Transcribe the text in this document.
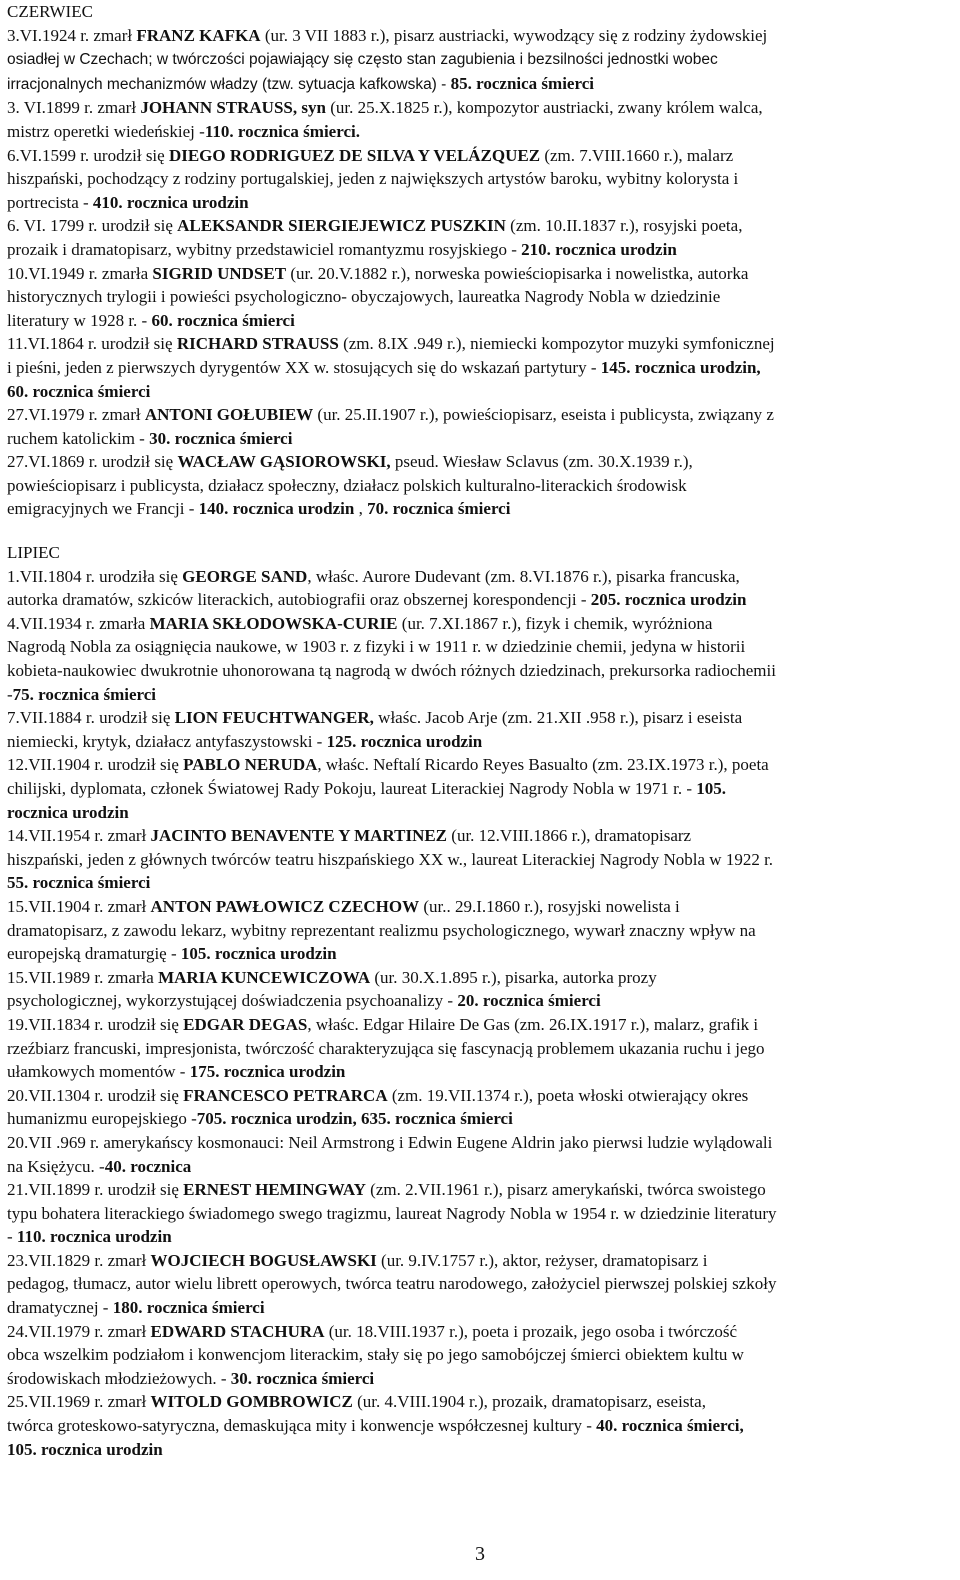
CZERWIEC
3.VI.1924 r. zmarł FRANZ KAFKA (ur. 3 VII 1883 r.), pisarz austriacki, wywodzący się z rodziny żydowskiej
osiadłej w Czechach; w twórczości pojawiający się często stan zagubienia i bezsilności jednostki wobec
irracjonalnych mechanizmów władzy (tzw. sytuacja kafkowska) - 85. rocznica śmierci
3. VI.1899 r. zmarł JOHANN STRAUSS, syn (ur. 25.X.1825 r.), kompozytor austriacki, zwany królem walca,
mistrz operetki wiedeńskiej -110. rocznica śmierci.
6.VI.1599 r. urodził się DIEGO RODRIGUEZ DE SILVA Y VELÁZQUEZ (zm. 7.VIII.1660 r.), malarz
hiszpański, pochodzący z rodziny portugalskiej, jeden z największych artystów baroku, wybitny kolorysta i
portrecista - 410. rocznica urodzin
6. VI. 1799 r. urodził się ALEKSANDR SIERGIEJEWICZ PUSZKIN (zm. 10.II.1837 r.), rosyjski poeta,
prozaik i dramatopisarz, wybitny przedstawiciel romantyzmu rosyjskiego - 210. rocznica urodzin
10.VI.1949 r. zmarła SIGRID UNDSET (ur. 20.V.1882 r.), norweska powieściopisarka i nowelistka, autorka
historycznych trylogii i powieści psychologiczno- obyczajowych, laureatka Nagrody Nobla w dziedzinie
literatury w 1928 r. - 60. rocznica śmierci
11.VI.1864 r. urodził się RICHARD STRAUSS (zm. 8.IX .949 r.), niemiecki kompozytor muzyki symfonicznej
i pieśni, jeden z pierwszych dyrygentów XX w. stosujących się do wskazań partytury - 145. rocznica urodzin,
60. rocznica śmierci
27.VI.1979 r. zmarł ANTONI GOŁUBIEW (ur. 25.II.1907 r.), powieściopisarz, eseista i publicysta, związany z
ruchem katolickim - 30. rocznica śmierci
27.VI.1869 r. urodził się WACŁAW GĄSIOROWSKI, pseud. Wiesław Sclavus (zm. 30.X.1939 r.),
powieściopisarz i publicysta, działacz społeczny, działacz polskich kulturalno-literackich środowisk
emigracyjnych we Francji - 140. rocznica urodzin , 70. rocznica śmierci
LIPIEC
1.VII.1804 r. urodziła się GEORGE SAND, właśc. Aurore Dudevant (zm. 8.VI.1876 r.), pisarka francuska,
autorka dramatów, szkiców literackich, autobiografii oraz obszernej korespondencji - 205. rocznica urodzin
4.VII.1934 r. zmarła MARIA SKŁODOWSKA-CURIE (ur. 7.XI.1867 r.), fizyk i chemik, wyróżniona
Nagrodą Nobla za osiągnięcia naukowe, w 1903 r. z fizyki i w 1911 r. w dziedzinie chemii, jedyna w historii
kobieta-naukowiec dwukrotnie uhonorowana tą nagrodą w dwóch różnych dziedzinach, prekursorka radiochemii
-75. rocznica śmierci
7.VII.1884 r. urodził się LION FEUCHTWANGER, właśc. Jacob Arje (zm. 21.XII .958 r.), pisarz i eseista
niemiecki, krytyk, działacz antyfaszystowski - 125. rocznica urodzin
12.VII.1904 r. urodził się PABLO NERUDA, właśc. Neftalí Ricardo Reyes Basualto (zm. 23.IX.1973 r.), poeta
chilijski, dyplomata, członek Światowej Rady Pokoju, laureat Literackiej Nagrody Nobla w 1971 r. - 105.
rocznica urodzin
14.VII.1954 r. zmarł JACINTO BENAVENTE Y MARTINEZ (ur. 12.VIII.1866 r.), dramatopisarz
hiszpański, jeden z głównych twórców teatru hiszpańskiego XX w., laureat Literackiej Nagrody Nobla w 1922 r.
55. rocznica śmierci
15.VII.1904 r. zmarł ANTON PAWŁOWICZ CZECHOW (ur.. 29.I.1860 r.), rosyjski nowelista i
dramatopisarz, z zawodu lekarz, wybitny reprezentant realizmu psychologicznego, wywarł znaczny wpływ na
europejską dramaturgię - 105. rocznica urodzin
15.VII.1989 r. zmarła MARIA KUNCEWICZOWA (ur. 30.X.1.895 r.), pisarka, autorka prozy
psychologicznej, wykorzystującej doświadczenia psychoanalizy - 20. rocznica śmierci
19.VII.1834 r. urodził się EDGAR DEGAS, właśc. Edgar Hilaire De Gas (zm. 26.IX.1917 r.), malarz, grafik i
rzeźbiarz francuski, impresjonista, twórczość charakteryzująca się fascynacją problemem ukazania ruchu i jego
ułamkowych momentów - 175. rocznica urodzin
20.VII.1304 r. urodził się FRANCESCO PETRARCA (zm. 19.VII.1374 r.), poeta włoski otwierający okres
humanizmu europejskiego -705. rocznica urodzin, 635. rocznica śmierci
20.VII .969 r. amerykańscy kosmonauci: Neil Armstrong i Edwin Eugene Aldrin jako pierwsi ludzie wylądowali
na Księżycu. -40. rocznica
21.VII.1899 r. urodził się ERNEST HEMINGWAY (zm. 2.VII.1961 r.), pisarz amerykański, twórca swoistego
typu bohatera literackiego świadomego swego tragizmu, laureat Nagrody Nobla w 1954 r. w dziedzinie literatury
- 110. rocznica urodzin
23.VII.1829 r. zmarł WOJCIECH BOGUSŁAWSKI (ur. 9.IV.1757 r.), aktor, reżyser, dramatopisarz i
pedagog, tłumacz, autor wielu librett operowych, twórca teatru narodowego, założyciel pierwszej polskiej szkoły
dramatycznej - 180. rocznica śmierci
24.VII.1979 r. zmarł EDWARD STACHURA (ur. 18.VIII.1937 r.), poeta i prozaik, jego osoba i twórczość
obca wszelkim podziałom i konwencjom literackim, stały się po jego samobójczej śmierci obiektem kultu w
środowiskach młodzieżowych. - 30. rocznica śmierci
25.VII.1969 r. zmarł WITOLD GOMBROWICZ (ur. 4.VIII.1904 r.), prozaik, dramatopisarz, eseista,
twórca groteskowo-satyryczna, demaskująca mity i konwencje współczesnej kultury - 40. rocznica śmierci,
105. rocznica urodzin
3
